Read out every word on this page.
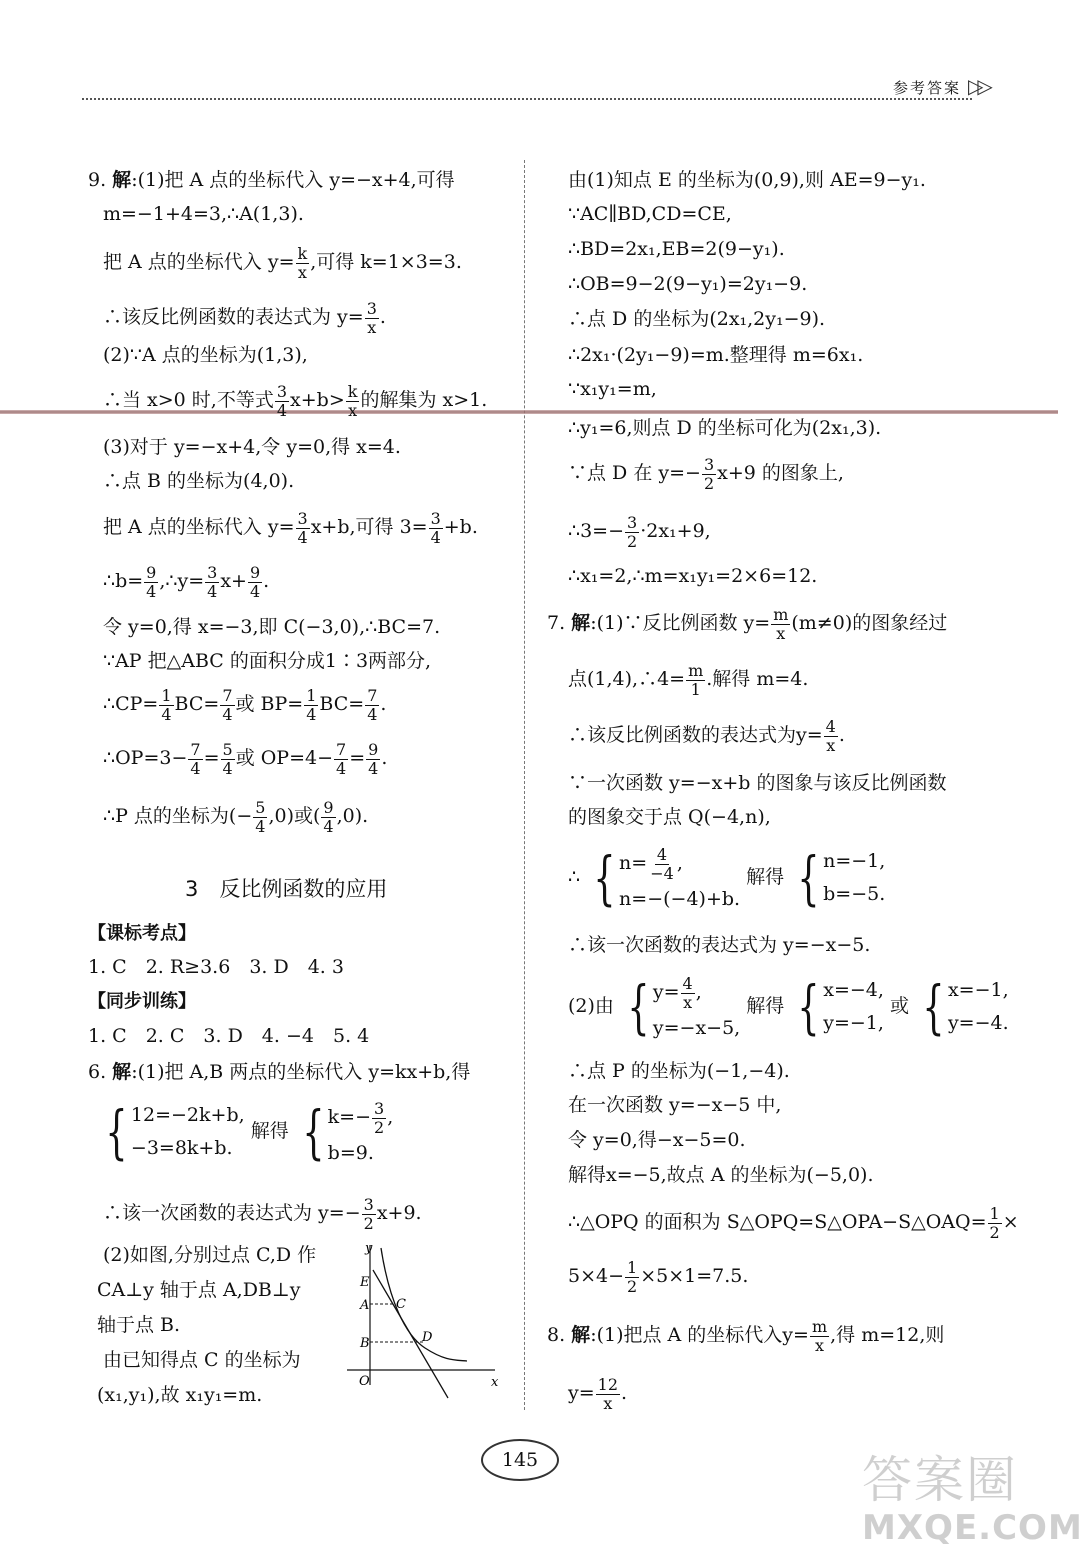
参考答案 ▷▷
9. 解:(1)把 A 点的坐标代入 y=−x+4,可得
m=−1+4=3,∴A(1,3).
把 A 点的坐标代入 $y= \frac{k}{x}$ ,可得 k=1×3=3.
∴该反比例函数的表达式为 $y= \frac{3}{x}$ .
(2)∵A 点的坐标为(1,3),
∴当 x>0 时,不等式 $\frac{3}{4} x+b> \frac{k}{x}$ 的解集为 x>1.
(3)对于 y=−x+4,令 y=0,得 x=4.
∴点 B 的坐标为(4,0).
把 A 点的坐标代入 $y= \frac{3}{4} x+b$,可得 $3= \frac{3}{4} +b$.
∴b= $\frac{9}{4}$ ,∴y= $\frac{3}{4} x+ \frac{9}{4}$ .
令 y=0,得 x=−3,即 C(−3,0),∴BC=7.
∵AP 把△ABC 的面积分成1∶3两部分,
∴CP= $\frac{1}{4} BC= \frac{7}{4}$ 或 $BP= \frac{1}{4} BC= \frac{7}{4}$ .
∴OP=3− $\frac{7}{4} = \frac{5}{4}$ 或 $OP=4- \frac{7}{4} = \frac{9}{4}$ .
∴P 点的坐标为(− $\frac{5}{4} ,0$)或( $\frac{9}{4} ,0$).
3　反比例函数的应用
【课标考点】
1. C　2. R≥3.6　3. D　4. 3
【同步训练】
1. C　2. C　3. D　4. −4　5. 4
6. 解:(1)把 A,B 两点的坐标代入 y=kx+b,得
{ 12=−2k+b,
−3=8k+b.
解得 { $k=- \frac{3}{2}$ ,
b=9.
∴该一次函数的表达式为 $y=- \frac{3}{2} x+9$.
(2)如图,分别过点 C,D 作
CA⊥y 轴于点 A,DB⊥y
轴于点 B.
由已知得点 C 的坐标为
(x₁,y₁),故 x₁y₁=m.
y
x
O
E
A
B
C
D
由(1)知点 E 的坐标为(0,9),则 AE=9−y₁.
∵AC∥BD,CD=CE,
∴BD=2x₁,EB=2(9−y₁).
∴OB=9−2(9−y₁)=2y₁−9.
∴点 D 的坐标为(2x₁,2y₁−9).
∴2x₁·(2y₁−9)=m.整理得 m=6x₁.
∵x₁y₁=m,
∴y₁=6,则点 D 的坐标可化为(2x₁,3).
∵点 D 在 $y=- \frac{3}{2} x+9$ 的图象上,
∴3=− $\frac{3}{2} \cdot 2x_1+9$,
∴x₁=2,∴m=x₁y₁=2×6=12.
7. 解:(1)∵反比例函数 $y= \frac{m}{x} (m\ne 0)$的图象经过
点(1,4),∴4= $\frac{m}{1}$ .解得 m=4.
∴该反比例函数的表达式为$y= \frac{4}{x}$ .
∵一次函数 y=−x+b 的图象与该反比例函数
的图象交于点 Q(−4,n),
∴ { $n= \frac{4}{-4}$ ,
n=−(−4)+b.
解得 { n=−1,
b=−5.
∴该一次函数的表达式为 y=−x−5.
(2)由 { $y= \frac{4}{x}$ ,
y=−x−5,
解得 { x=−4,
y=−1,
或 { x=−1,
y=−4.
∴点 P 的坐标为(−1,−4).
在一次函数 y=−x−5 中,
令 y=0,得−x−5=0.
解得x=−5,故点 A 的坐标为(−5,0).
∴△OPQ 的面积为 S△OPQ=S△OPA−S△OAQ= $\frac{1}{2}$ ×
$5\times 4- \frac{1}{2} \times 5\times 1=7.5$.
8. 解:(1)把点 A 的坐标代入$y= \frac{m}{x}$ ,得 m=12,则
$y= \frac{12}{x}$ .
145	答案圈
MXQE.COM
